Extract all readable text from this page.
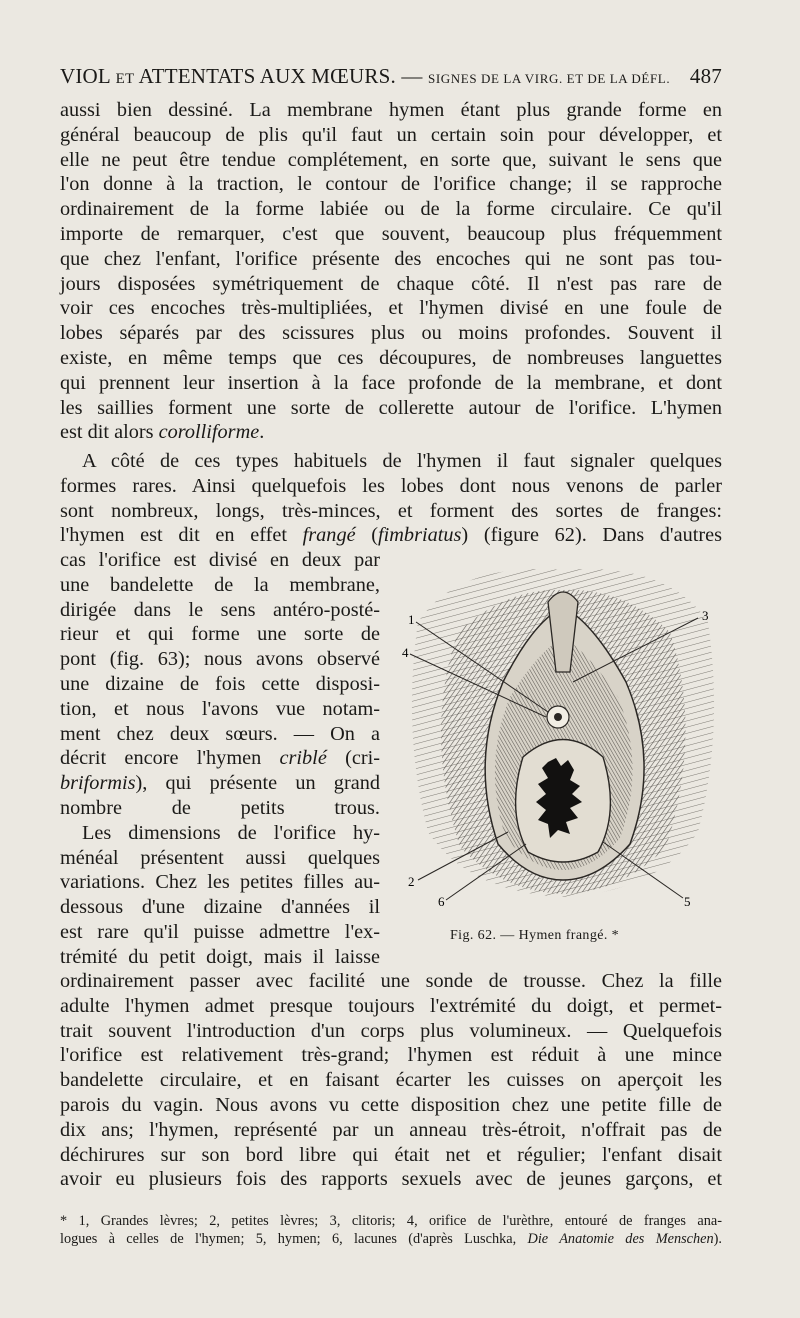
VIOL ET ATTENTATS AUX MŒURS. — SIGNES DE LA VIRG. ET DE LA DÉFL. 487
aussi bien dessiné. La membrane hymen étant plus grande forme en
général beaucoup de plis qu'il faut un certain soin pour développer, et
elle ne peut être tendue complétement, en sorte que, suivant le sens que
l'on donne à la traction, le contour de l'orifice change; il se rapproche
ordinairement de la forme labiée ou de la forme circulaire. Ce qu'il
importe de remarquer, c'est que souvent, beaucoup plus fréquemment
que chez l'enfant, l'orifice présente des encoches qui ne sont pas tou-
jours disposées symétriquement de chaque côté. Il n'est pas rare de
voir ces encoches très-multipliées, et l'hymen divisé en une foule de
lobes séparés par des scissures plus ou moins profondes. Souvent il
existe, en même temps que ces découpures, de nombreuses languettes
qui prennent leur insertion à la face profonde de la membrane, et dont
les saillies forment une sorte de collerette autour de l'orifice. L'hymen
est dit alors corolliforme.
A côté de ces types habituels de l'hymen il faut signaler quelques
formes rares. Ainsi quelquefois les lobes dont nous venons de parler
sont nombreux, longs, très-minces, et forment des sortes de franges:
l'hymen est dit en effet frangé (fimbriatus) (figure 62). Dans d'autres
cas l'orifice est divisé en deux par
une bandelette de la membrane,
dirigée dans le sens antéro-posté-
rieur et qui forme une sorte de
pont (fig. 63); nous avons observé
une dizaine de fois cette disposi-
tion, et nous l'avons vue notam-
ment chez deux sœurs. — On a
décrit encore l'hymen criblé (cri-
briformis), qui présente un grand
nombre de petits trous.
Les dimensions de l'orifice hy-
ménéal présentent aussi quelques
variations. Chez les petites filles au-
dessous d'une dizaine d'années il
est rare qu'il puisse admettre l'ex-
trémité du petit doigt, mais il laisse
1
4
3
2
6	5
Fig. 62. — Hymen frangé. *
ordinairement passer avec facilité une sonde de trousse. Chez la fille
adulte l'hymen admet presque toujours l'extrémité du doigt, et permet-
trait souvent l'introduction d'un corps plus volumineux. — Quelquefois
l'orifice est relativement très-grand; l'hymen est réduit à une mince
bandelette circulaire, et en faisant écarter les cuisses on aperçoit les
parois du vagin. Nous avons vu cette disposition chez une petite fille de
dix ans; l'hymen, représenté par un anneau très-étroit, n'offrait pas de
déchirures sur son bord libre qui était net et régulier; l'enfant disait
avoir eu plusieurs fois des rapports sexuels avec de jeunes garçons, et
* 1, Grandes lèvres; 2, petites lèvres; 3, clitoris; 4, orifice de l'urèthre, entouré de franges ana-
logues à celles de l'hymen; 5, hymen; 6, lacunes (d'après Luschka, Die Anatomie des Menschen).
